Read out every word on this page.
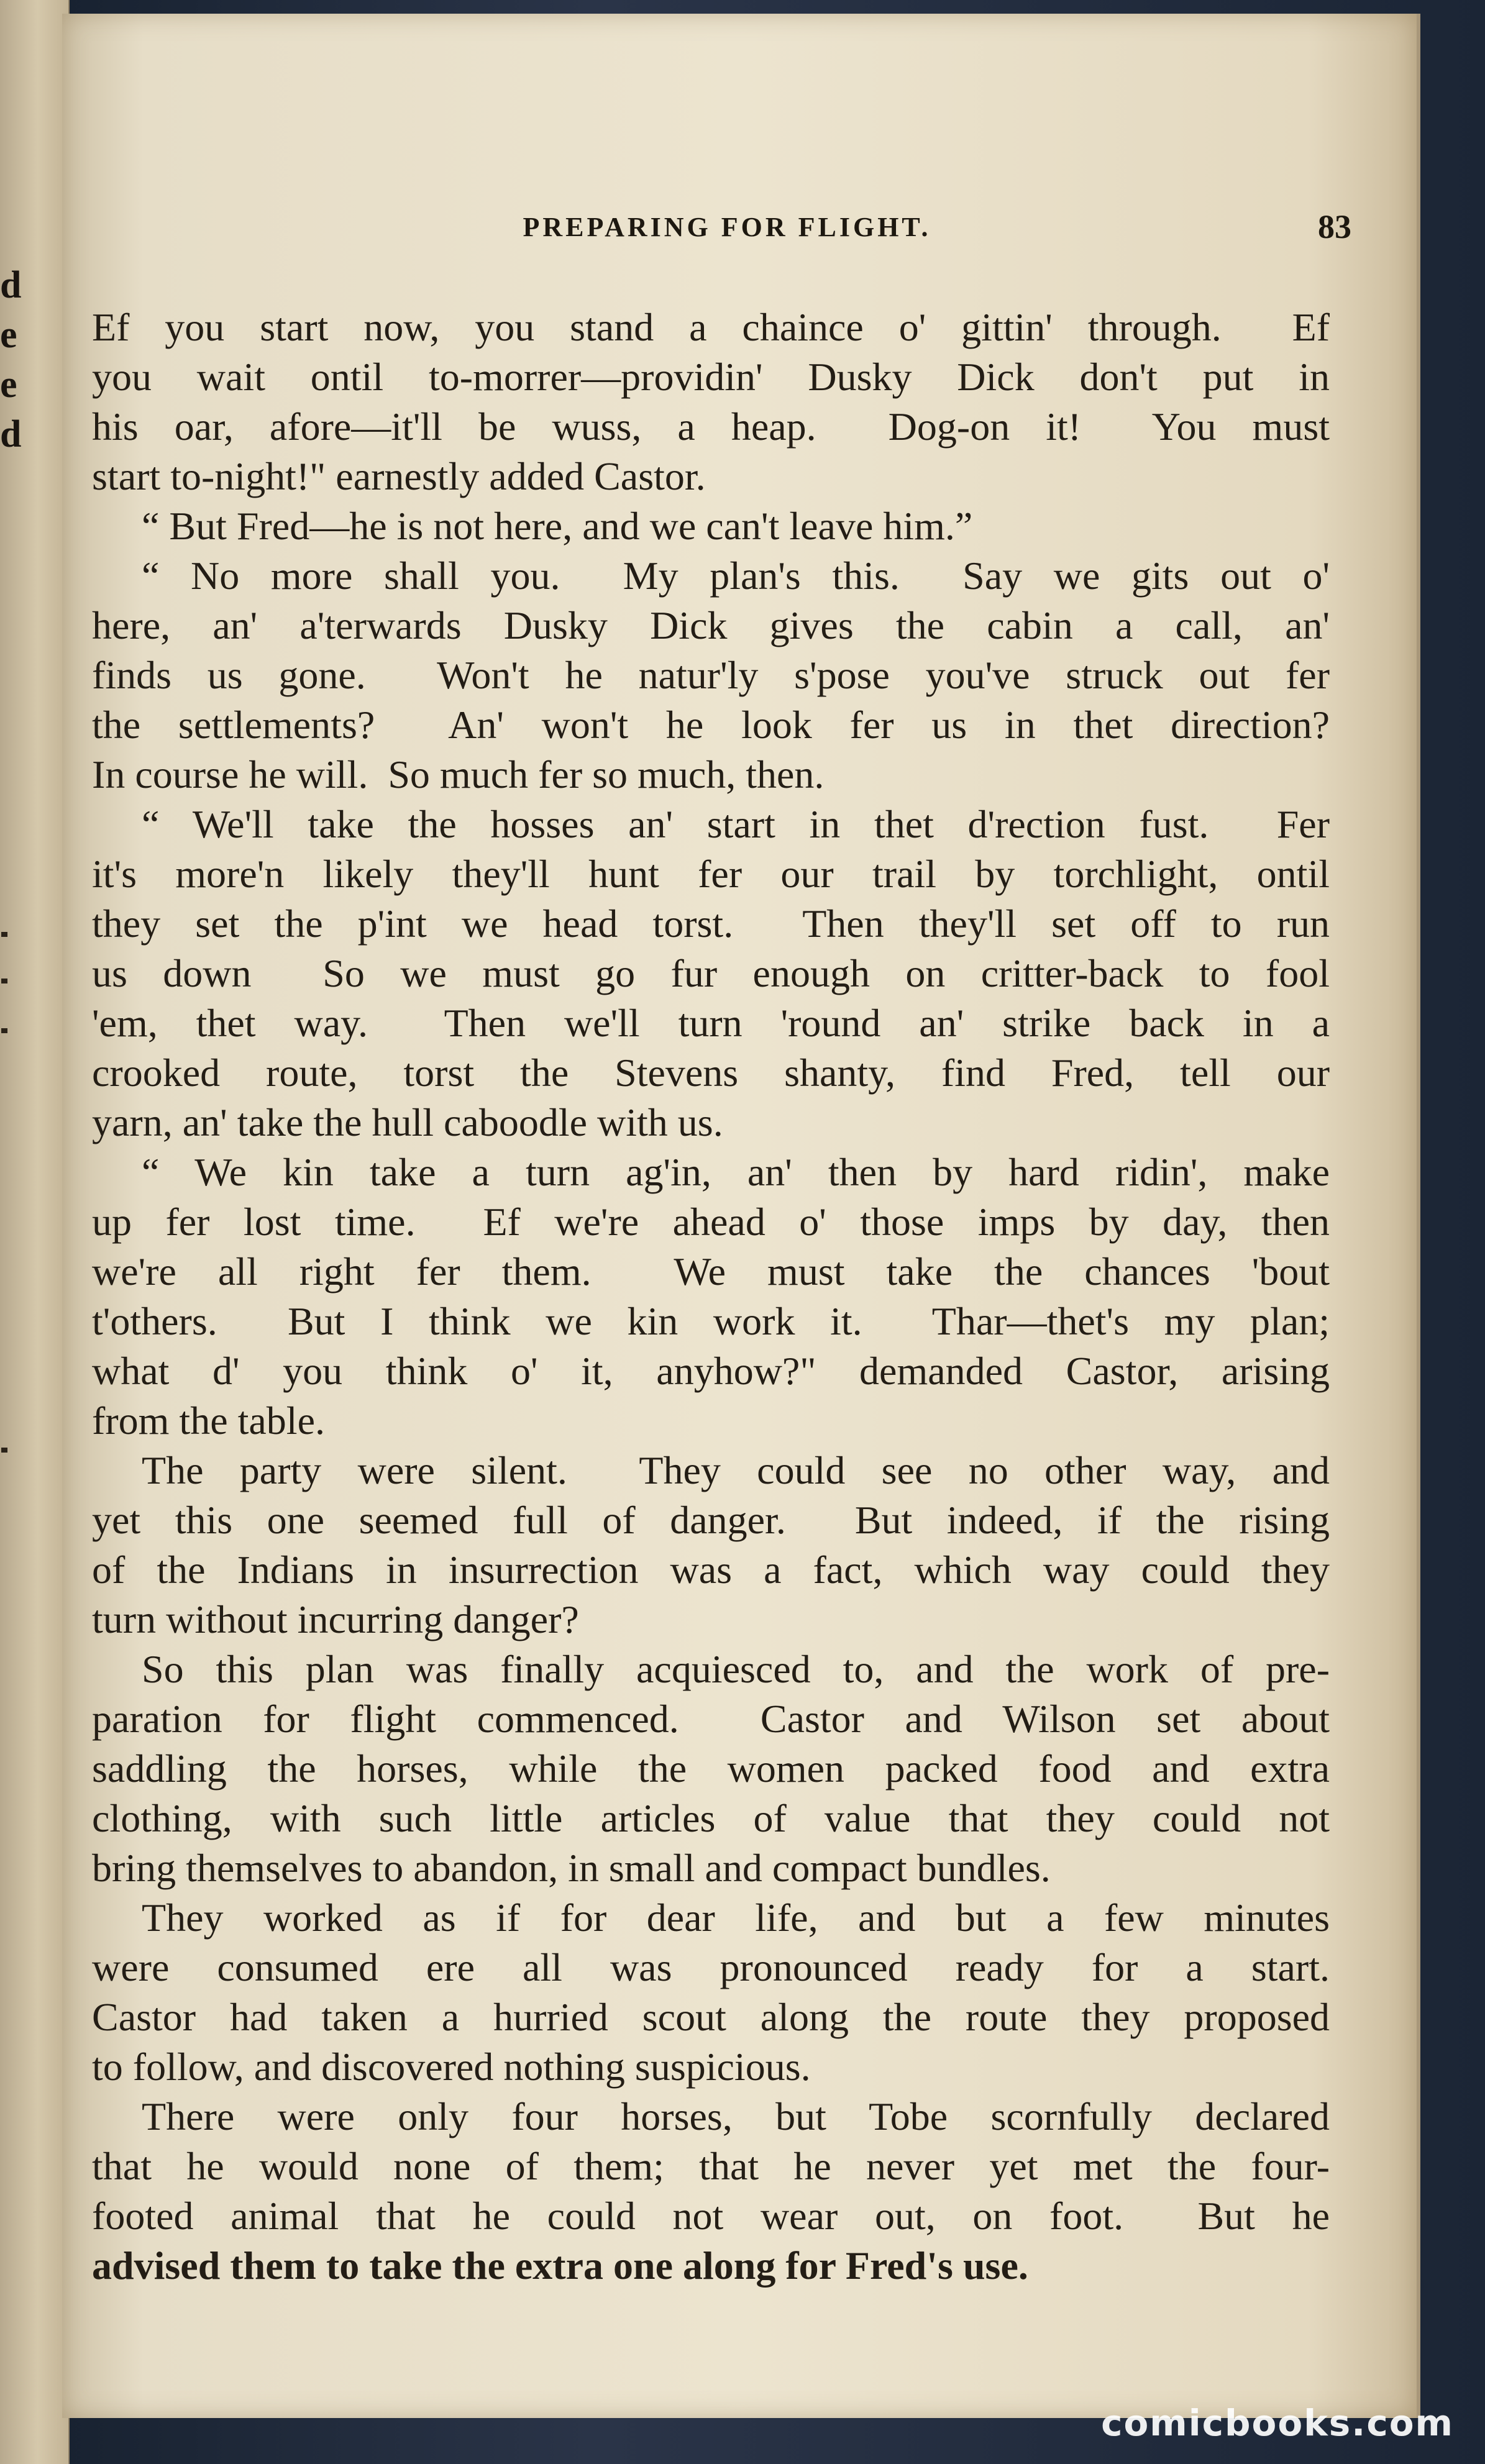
d
e
e
d
PREPARING FOR FLIGHT.	83
Ef you start now, you stand a chaince o' gittin' through.  Ef
you wait ontil to-morrer—providin' Dusky Dick don't put in
his oar, afore—it'll be wuss, a heap.  Dog-on it!  You must
start to-night!" earnestly added Castor.
“ But Fred—he is not here, and we can't leave him.”
“ No more shall you.  My plan's this.  Say we gits out o'
here, an' a'terwards Dusky Dick gives the cabin a call, an'
finds us gone.  Won't he natur'ly s'pose you've struck out fer
the settlements?  An' won't he look fer us in thet direction?
In course he will.  So much fer so much, then.
“ We'll take the hosses an' start in thet d'rection fust.  Fer
it's more'n likely they'll hunt fer our trail by torchlight, ontil
they set the p'int we head torst.  Then they'll set off to run
us down  So we must go fur enough on critter-back to fool
'em, thet way.  Then we'll turn 'round an' strike back in a
crooked route, torst the Stevens shanty, find Fred, tell our
yarn, an' take the hull caboodle with us.
“ We kin take a turn ag'in, an' then by hard ridin', make
up fer lost time.  Ef we're ahead o' those imps by day, then
we're all right fer them.  We must take the chances 'bout
t'others.  But I think we kin work it.  Thar—thet's my plan;
what d' you think o' it, anyhow?" demanded Castor, arising
from the table.
The party were silent.  They could see no other way, and
yet this one seemed full of danger.  But indeed, if the rising
of the Indians in insurrection was a fact, which way could they
turn without incurring danger?
So this plan was finally acquiesced to, and the work of pre-
paration for flight commenced.  Castor and Wilson set about
saddling the horses, while the women packed food and extra
clothing, with such little articles of value that they could not
bring themselves to abandon, in small and compact bundles.
They worked as if for dear life, and but a few minutes
were consumed ere all was pronounced ready for a start.
Castor had taken a hurried scout along the route they proposed
to follow, and discovered nothing suspicious.
There were only four horses, but Tobe scornfully declared
that he would none of them; that he never yet met the four-
footed animal that he could not wear out, on foot.  But he
advised them to take the extra one along for Fred's use.
comicbooks.com
